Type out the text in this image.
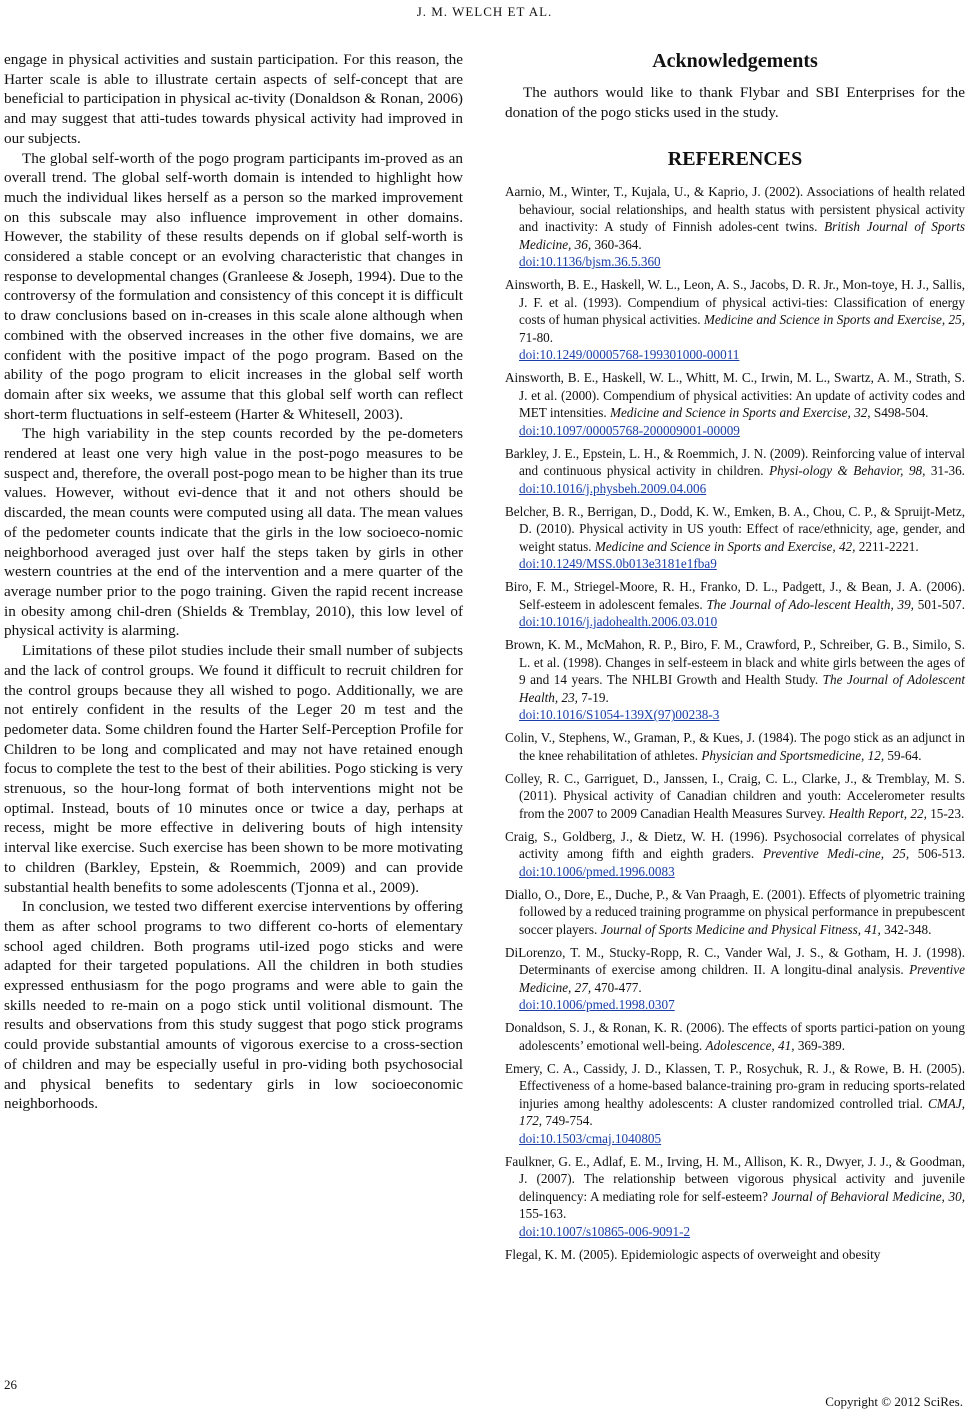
J. M. WELCH ET AL.

engage in physical activities and sustain participation. For this reason, the Harter scale is able to illustrate certain aspects of self-concept that are beneficial to participation in physical ac-tivity (Donaldson & Ronan, 2006) and may suggest that atti-tudes towards physical activity had improved in our subjects.

The global self-worth of the pogo program participants im-proved as an overall trend. The global self-worth domain is intended to highlight how much the individual likes herself as a person so the marked improvement on this subscale may also influence improvement in other domains. However, the stability of these results depends on if global self-worth is considered a stable concept or an evolving characteristic that changes in response to developmental changes (Granleese & Joseph, 1994). Due to the controversy of the formulation and consistency of this concept it is difficult to draw conclusions based on in-creases in this scale alone although when combined with the observed increases in the other five domains, we are confident with the positive impact of the pogo program. Based on the ability of the pogo program to elicit increases in the global self worth domain after six weeks, we assume that this global self worth can reflect short-term fluctuations in self-esteem (Harter & Whitesell, 2003).

The high variability in the step counts recorded by the pe-dometers rendered at least one very high value in the post-pogo measures to be suspect and, therefore, the overall post-pogo mean to be higher than its true values. However, without evi-dence that it and not others should be discarded, the mean counts were computed using all data. The mean values of the pedometer counts indicate that the girls in the low socioeco-nomic neighborhood averaged just over half the steps taken by girls in other western countries at the end of the intervention and a mere quarter of the average number prior to the pogo training. Given the rapid recent increase in obesity among chil-dren (Shields & Tremblay, 2010), this low level of physical activity is alarming.

Limitations of these pilot studies include their small number of subjects and the lack of control groups. We found it difficult to recruit children for the control groups because they all wished to pogo. Additionally, we are not entirely confident in the results of the Leger 20 m test and the pedometer data. Some children found the Harter Self-Perception Profile for Children to be long and complicated and may not have retained enough focus to complete the test to the best of their abilities. Pogo sticking is very strenuous, so the hour-long format of both interventions might not be optimal. Instead, bouts of 10 minutes once or twice a day, perhaps at recess, might be more effective in delivering bouts of high intensity interval like exercise. Such exercise has been shown to be more motivating to children (Barkley, Epstein, & Roemmich, 2009) and can provide substantial health benefits to some adolescents (Tjonna et al., 2009).

In conclusion, we tested two different exercise interventions by offering them as after school programs to two different co-horts of elementary school aged children. Both programs util-ized pogo sticks and were adapted for their targeted populations. All the children in both studies expressed enthusiasm for the pogo programs and were able to gain the skills needed to re-main on a pogo stick until volitional dismount. The results and observations from this study suggest that pogo stick programs could provide substantial amounts of vigorous exercise to a cross-section of children and may be especially useful in pro-viding both psychosocial and physical benefits to sedentary girls in low socioeconomic neighborhoods.

Acknowledgements

The authors would like to thank Flybar and SBI Enterprises for the donation of the pogo sticks used in the study.

REFERENCES
Aarnio, M., Winter, T., Kujala, U., & Kaprio, J. (2002). Associations of health related behaviour, social relationships, and health status with persistent physical activity and inactivity: A study of Finnish adoles-cent twins. British Journal of Sports Medicine, 36, 360-364.
doi:10.1136/bjsm.36.5.360
Ainsworth, B. E., Haskell, W. L., Leon, A. S., Jacobs, D. R. Jr., Mon-toye, H. J., Sallis, J. F. et al. (1993). Compendium of physical activi-ties: Classification of energy costs of human physical activities. Medicine and Science in Sports and Exercise, 25, 71-80.
doi:10.1249/00005768-199301000-00011
Ainsworth, B. E., Haskell, W. L., Whitt, M. C., Irwin, M. L., Swartz, A. M., Strath, S. J. et al. (2000). Compendium of physical activities: An update of activity codes and MET intensities. Medicine and Science in Sports and Exercise, 32, S498-504.
doi:10.1097/00005768-200009001-00009
Barkley, J. E., Epstein, L. H., & Roemmich, J. N. (2009). Reinforcing value of interval and continuous physical activity in children. Physi-ology & Behavior, 98, 31-36. doi:10.1016/j.physbeh.2009.04.006
Belcher, B. R., Berrigan, D., Dodd, K. W., Emken, B. A., Chou, C. P., & Spruijt-Metz, D. (2010). Physical activity in US youth: Effect of race/ethnicity, age, gender, and weight status. Medicine and Science in Sports and Exercise, 42, 2211-2221.
doi:10.1249/MSS.0b013e3181e1fba9
Biro, F. M., Striegel-Moore, R. H., Franko, D. L., Padgett, J., & Bean, J. A. (2006). Self-esteem in adolescent females. The Journal of Ado-lescent Health, 39, 501-507. doi:10.1016/j.jadohealth.2006.03.010
Brown, K. M., McMahon, R. P., Biro, F. M., Crawford, P., Schreiber, G. B., Similo, S. L. et al. (1998). Changes in self-esteem in black and white girls between the ages of 9 and 14 years. The NHLBI Growth and Health Study. The Journal of Adolescent Health, 23, 7-19.
doi:10.1016/S1054-139X(97)00238-3
Colin, V., Stephens, W., Graman, P., & Kues, J. (1984). The pogo stick as an adjunct in the knee rehabilitation of athletes. Physician and Sportsmedicine, 12, 59-64.
Colley, R. C., Garriguet, D., Janssen, I., Craig, C. L., Clarke, J., & Tremblay, M. S. (2011). Physical activity of Canadian children and youth: Accelerometer results from the 2007 to 2009 Canadian Health Measures Survey. Health Report, 22, 15-23.
Craig, S., Goldberg, J., & Dietz, W. H. (1996). Psychosocial correlates of physical activity among fifth and eighth graders. Preventive Medi-cine, 25, 506-513. doi:10.1006/pmed.1996.0083
Diallo, O., Dore, E., Duche, P., & Van Praagh, E. (2001). Effects of plyometric training followed by a reduced training programme on physical performance in prepubescent soccer players. Journal of Sports Medicine and Physical Fitness, 41, 342-348.
DiLorenzo, T. M., Stucky-Ropp, R. C., Vander Wal, J. S., & Gotham, H. J. (1998). Determinants of exercise among children. II. A longitu-dinal analysis. Preventive Medicine, 27, 470-477.
doi:10.1006/pmed.1998.0307
Donaldson, S. J., & Ronan, K. R. (2006). The effects of sports partici-pation on young adolescents’ emotional well-being. Adolescence, 41, 369-389.
Emery, C. A., Cassidy, J. D., Klassen, T. P., Rosychuk, R. J., & Rowe, B. H. (2005). Effectiveness of a home-based balance-training pro-gram in reducing sports-related injuries among healthy adolescents: A cluster randomized controlled trial. CMAJ, 172, 749-754.
doi:10.1503/cmaj.1040805
Faulkner, G. E., Adlaf, E. M., Irving, H. M., Allison, K. R., Dwyer, J. J., & Goodman, J. (2007). The relationship between vigorous physical activity and juvenile delinquency: A mediating role for self-esteem? Journal of Behavioral Medicine, 30, 155-163.
doi:10.1007/s10865-006-9091-2
Flegal, K. M. (2005). Epidemiologic aspects of overweight and obesity
26
Copyright © 2012 SciRes.
